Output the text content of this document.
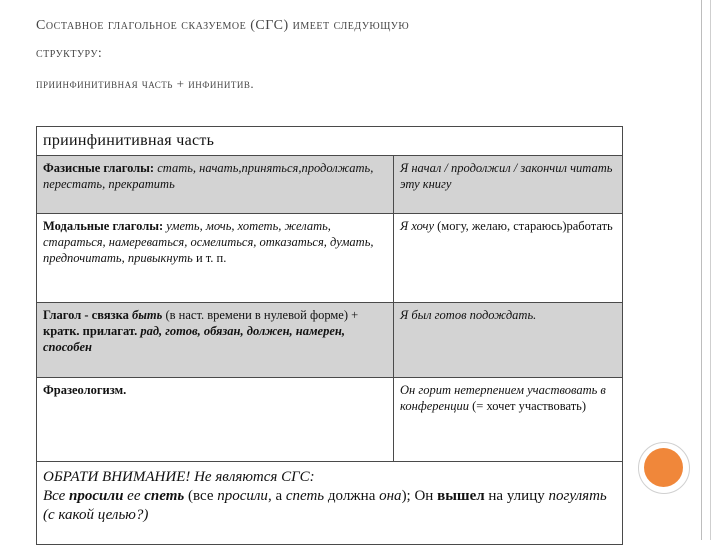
Составное глагольное сказуемое (СГС) имеет следующую
структуру:
приинфинитивная часть + инфинитив.
приинфинитивная часть
Фазисные глаголы: стать, начать,приняться,продолжать, перестать, прекратить
Я начал / продолжил / закончил читать эту книгу
Модальные глаголы: уметь, мочь, хотеть, желать, стараться, намереваться, осмелиться, отказаться, думать, предпочитать, привыкнуть и т. п.
Я хочу (могу, желаю, стараюсь)работать
Глагол - связка быть (в наст. времени в нулевой форме) + кратк. прилагат. рад, готов, обязан, должен, намерен, способен
Я был готов подождать.
Фразеологизм.	Он горит нетерпением участвовать в конференции (= хочет участвовать)
ОБРАТИ ВНИМАНИЕ! Не являются СГС:
Все просили ее спеть (все просили, а спеть должна она); Он вышел на улицу погулять (с какой целью?)
